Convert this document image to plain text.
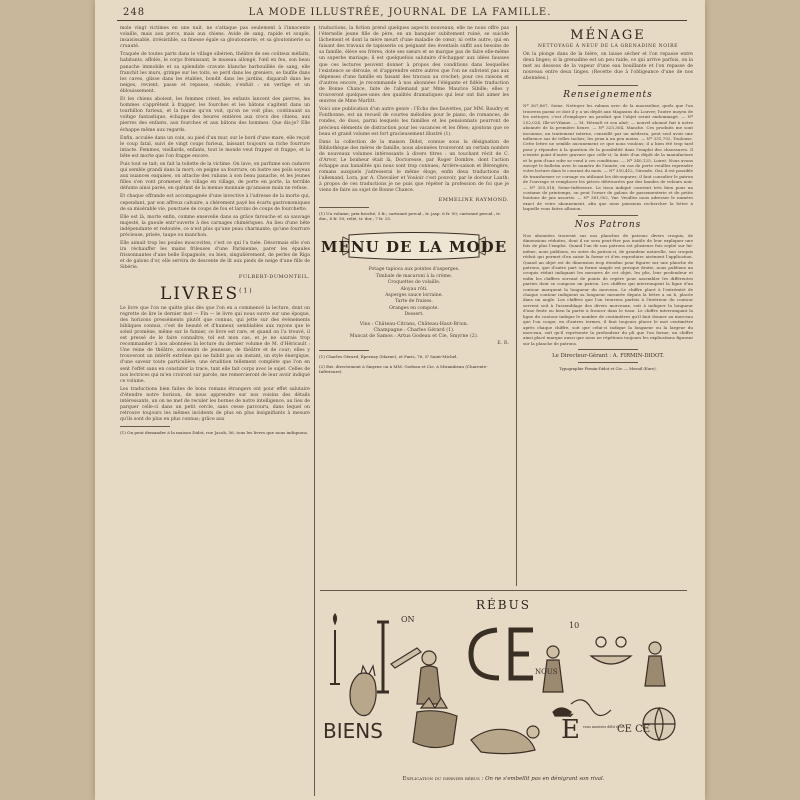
248	LA MODE ILLUSTRÉE, JOURNAL DE LA FAMILLE.

mole vingt victimes en une nuit, ne s'attaque pas seulement à l'innocente volaille, mais aux porcs, mais aux chiens. Avide de sang, rapide et souple, insaisissable, irrésistible, sa finesse égale sa gloutonnerie, et sa gloutonnerie sa cruauté.

Traquée de toutes parts dans le village sibérien, théâtre de ses coûteux méfaits, habitants, affolés, le corps frémissant, le museau allongé, l'œil en feu, son beau panache immobile et sa splendide cravate blanche barbouillée de sang, elle franchit les murs, grimpe sur les toits, se perd dans les greniers, se faufile dans les caves, glisse dans les étables, bondit dans les jardins, disparaît dans les neiges, revient, passe et repasse, ondule, s'enfuit : un vertige et un éblouissement.

Et les chiens aboient, les femmes crient, les enfants lancent des pierres, les hommes s'apprêtent à frapper, les fourches et les bâtons s'agitent dans un tourbillon furieux, et la fouine qu'on voit, qu'on ne voit plus, continuant sa voltige fantastique, échappe des heures entières aux crocs des chiens, aux pierres des enfants, aux fourches et aux bâtons des hommes. Que dis-je? Elle échappe même aux regards.

Enfin, acculée dans un coin, au pied d'un mur, sur le bord d'une mare, elle reçoit le coup fatal, suivi de vingt coups furieux, laissant toujours sa riche fourrure intacte. Femmes, vieillards, enfants, tout le monde veut frapper et frappe, et la bête est morte que l'on frappe encore.

Puis tout se tait; on fait la toilette de la victime. On lave, on parfume son cadavre qui semble grandi dans la mort; on peigne sa fourrure, on lustre ses poils soyeux aux nuances exquises, on attache des rubans à son beau panache, et les jeunes filles s'en vont promener, de village en village, de porte en porte, la terrible défunte ainsi parée, en quêtant de la menue monnaie qu'amasse main ne refuse.

Et chaque offrande est accompagnée d'une invective à l'adresse de la morte qui, cependant, par son affreux calvaire, a chèrement payé les écarts gastronomiques de sa misérable vie, ponctuée de coups de fou et larcins de coups de fourchette.

Elle est là, morte enfin, comme ensevelie dans sa grâce farouche et sa sauvage majesté, la gueule entr'ouverte à des carnages chimériques. Au lieu d'une bête indépendante et redoutée, ce n'est plus qu'une peau charmante, qu'une fourrure précieuse, prisée, taupe ou manchon.

Elle aimait trop les poules moscovites, c'est ce qui l'a tuée. Désormais elle s'en ira réchauffer les mains frileuses d'une Parisienne, parer les épaules frissonnantes d'une belle Espagnole, ou bien, singulièrement, de perles de Riga et de galons d'or, elle servira de descente de lit aux pieds de neige d'une fille de Sibérie.

FULBERT-DUMONTEIL.
LIVRES$^{(1)}$

Le livre que l'on ne quitte plus dès que l'on en a commencé la lecture, dont on regrette de lire le dernier mot — Fin — le livre qui nous ouvre sur une époque, des horizons presséments plutôt que connus, qui jette sur des événements bibliques connus, c'est de beauté et d'humeur, semblables aux rayons que le soleil promène, même sur le fumier, ce livre est rare, et quand on l'a trouvé, il est pressé de le faire connaître; tel est mon cas, et je ne saurais trop recommander à nos abonnées la lecture du dernier volume de M. d'Héricault : Une reine de théâtre, souvenirs de jeunesse, de théâtre et de cour; elles y trouveront un intérêt extrême qui ne faiblit pas un instant, un style énergique, d'une saveur toute particulière, une érudition tellement complète que l'on en sent l'effet sans en constater la trace, tant elle fait corps avec le sujet. Celles de nos lectrices qui m'en croiront sur parole, me remercieront de leur avoir indiqué ce volume.

Les traductions bien faites de bons romans étrangers ont pour effet salutaire d'étendre notre horizon, de nous apprendre sur nos voisins des détails intéressants, un on ne met de reculer les bornes de notre intelligence, au lieu de parquer celle-ci dans un petit cercle, sans cesse parcouru, dans lequel on retrouve toujours les mêmes incidents de plus en plus insignifiants à mesure qu'ils sont de plus en plus connus; grâce aux

(1) On peut demander à la maison Didot, rue Jacob, 56, tous les livres que nous indiquons.

traductions, la fiction prend quelques aspects nouveaux; elle ne nous offre pas l'éternelle jeune fille de père, en un banquier subitement ruiné, se suicide lâchement et dont la mère meurt d'une maladie de cœur; ni cette autre, qui en faisant des travaux de tapisserie ou peignant des éventails suffit aux besoins de sa famille, élève ses frères, dote ses sœurs et se marque pas de faire elle-même un superbe mariage; il est quelquefois salutaire d'échapper aux idées fausses que ces lectures peuvent donner à propos des conditions dans lesquelles l'existence se déroule, et d'apprendre entre autres que l'on ne subvient pas aux dépenses d'une famille en faisant des travaux au crochet; pour ces raisons et d'autres encore, je recommande à nos abonnées l'élégante et fidèle traduction de Bonne Chance, faite de l'allemand par Mme Maurice Sibille; elles y trouveront quelques-unes des qualités dramatiques qui leur ont fait aimer les œuvres de Mme Marlitt.

Voici une publication d'un autre genre : l'Écho des fauvettes, par MM. Baudry et Fonthonne, est un recueil de courtes mélodies pour le piano, de romances, de rondes, de duos, parmi lesquels les familles et les pensionnats pourront de précieux éléments de distraction pour les vacances et les fêtes; ajoutons que ce beau et grand volume est fort gracieusement illustré (1).

Dans la collection de la maison Didot, connue sous la désignation de Bibliothèque des mères de famille, nous abonnées trouveront un certain nombre de nouveaux volumes intéressants à divers titres : un touchant récit de C. d'Arvor, Le bonheur était là, Doctoresse, par Roger Dombre, dont l'action échappe aux banalités qui nous sont trop connues; Arrière-saison et Bérengère, romans auxquels j'adresserai le même éloge, enfin deux traductions de l'allemand, Lora, par A. Chevalier et Vouloir c'est pouvoir, par le docteur Lauth; à propos de ces traductions je ne puis que répéter la profession de foi que je viens de faire au sujet de Bonne Chance.

EMMELINE RAYMOND.

(1) Un volume; prix broché, 5 fr.; cartonné percal., tr. jasp. 6 fr. 50; cartonné percal., tr. dor., 6 fr. 50; relié, tr. dor., 7 fr. 25.

MENU DE LA MODE
Potage tapioca aux pointes d'asperges.
Timbale de macaroni à la crème.
Croquettes de volaille.
Aloyau rôti.
Asperges sauce lorraine.
Tarte de fraises.
Oranges en compote.
Dessert.
Vins : Château-Citrans, Château-Haut-Brion.
Champagne : Charles Gérard (1).
Muscat de Samos : Artus Godeau et Cie, Smyrne (2).
E. R.

(1) Charles Gérard, Épernay (Marne), et Paris, 76, Sᵗ Saint-Michel.

(2) Ext. directement à Smyrne ou à MM. Godeau et Cie, à Mirambeau (Charente-Inférieure).

MÉNAGE
NETTOYAGE À NEUF DE LA GRENADINE NOIRE

On la plonge dans de la bière, on laisse sécher et l'on repasse entre deux linges; si la grenadine est un peu raide, ce qui arrive parfois, on la met au dessous de la vapeur d'une eau bouillante et l'on repasse de nouveau entre deux linges. (Recette due à l'obligeance d'une de nos abonnées.)

Renseignements

Nº 367,867, Seine. Nettoyer les rubans avec de la mousseline, quels que l'on trouvera parmi ce doit il y a un dépôt aux Magasins du Louvre; l'autre moyen de les nettoyer, c'est d'employer un produit que l'objet serait endommagé. — Nº 252,024, Ille-et-Vilaine. — M. Hérault et son aîné; — nouvel abonné fait à notre abonnée de la première heure. — Nº 325,304, Manche. Ces produits me sont inconnus; un traitement interne, conseillé par un médecin, peut seul avoir une influence sur de telles taches; les yeux à un peu moins. — Nº 331,792, Toulouse. Cette lettre ne semble aucunement ce que nous voulons; il a bien été trop tard pour y répondre à la question de la possibilité dans l'emploi des chaussures. Il n'existe point d'autre gravure que celle-ci; la date d'un dépôt de la manufacture et le prix d'une robe se vend à ces conditions. — Nº 340,125, Loiret. Nous avons envoyé le bulletin avec le numéro de l'année; en cas de perte veuillez reprendre votre lecture dans le courant du mois. — Nº 350,412, Gironde. Oui, il est possible de transformer ce corsage en utilisant les découpures; il faut consulter le patron de l'ouvrage et remplacer les pièces détériorées par des bandes de velours noir. — Nº 355,018, Seine-Inférieure. Le tissu indiqué convient très bien pour un costume de printemps; on peut l'orner de galons de passementerie et de petits boutons de jais assortis. — Nº 361,902, Var. Veuillez nous adresser le numéro exact de votre abonnement, afin que nous puissions rechercher la lettre à laquelle vous faites allusion.

Nos Patrons

Nos abonnées trouvent sur nos planches de patrons divers croquis, de dimensions réduites, dont il ne sera peut-être pas inutile de leur expliquer une fois de plus l'emploi. Quand l'un de nos patrons est plusieurs fois replié sur lui-même, nous publions, en outre du patron-ci, de grandeur naturelle, son croquis réduit qui permet d'en saisir la forme et d'en reproduire aisément l'application. Quand un objet est de dimension trop étendue pour figurer sur une planche de patrons, que d'autre part sa forme simple est presque droite, nous publions un croquis réduit indiquant les mesures de cet objet, les plis, leur profondeur et enfin les chiffres servant de points de repère pour assembler les différentes parties dont se compose un patron. Les chiffres qui interrompent la ligne d'un contour marquent la longueur du morceau. Le chiffre placé à l'extrémité de chaque contour indiquent sa longueur mesurée depuis la lettre a ou b, placée dans un angle. Les chiffres que l'on trouvera parfois à l'intérieur du contour servent soit à l'assemblage des divers morceaux, soit à indiquer la longueur d'une fente ou bien la partie à froncer dans le tissu. Le chiffre interrompant la ligne du contour indique le nombre de centimètres qu'il faut donner au morceau que l'on coupe; en d'autres termes, il faut toujours placer le mot centimètre après chaque chiffre, soit que celui-ci indique la longueur ou la largeur du morceau, soit qu'il représente la profondeur du pli que l'on forme; un chiffre ainsi placé marque aussi que nous ne répétions toujours les explications figurant sur la planche de patrons.

Le Directeur-Gérant : A. FIRMIN-DIDOT.
Typographie Firmin-Didot et Cie. — Mesnil (Eure).
RÉBUS
ON
NOUS
10
BIENS	É	CE CE
vous montrez délit éclos
Explication du dernier rébus : On ne s'embellit pas en dénigrant son rival.
